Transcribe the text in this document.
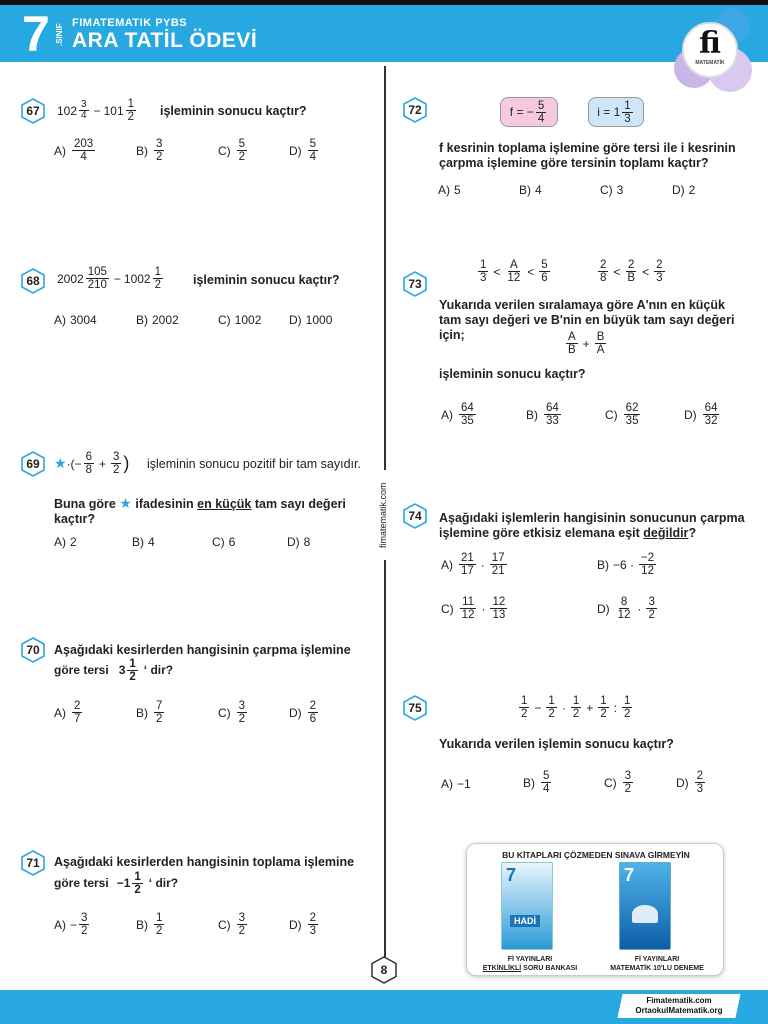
7 .SINIF
FIMATEMATIK PYBS
ARA TATİL ÖDEVİ	fi
MATEMATİK
fimatematik.com
67	$102 \frac{3}{4} - 101 \frac{1}{2}$ işleminin sonucu kaçtır?
$A) \frac{203}{4}$	$B) \frac{3}{2}$	$C) \frac{5}{2}$	$D) \frac{5}{4}$
68	$2002 \frac{105}{210} - 1002 \frac{1}{2}$ işleminin sonucu kaçtır?
A) 3004	B) 2002	C) 1002 D) 1000
69	★ ·(− $\frac{6}{8} + \frac{3}{2}$ ) işleminin sonucu pozitif bir tam sayıdır.
Buna göre ★ ifadesinin en küçük tam sayı değeri
kaçtır?
A) 2	B) 4	C) 6	D) 8
70	Aşağıdaki kesirlerden hangisinin çarpma işlemine
göre tersi $3 \frac{1}{2}$ ‘ dir?
$A) \frac{2}{7}$	$B) \frac{7}{2}$	$C) \frac{3}{2}$	$D) \frac{2}{6}$
71	Aşağıdaki kesirlerden hangisinin toplama işlemine
göre tersi $-1 \frac{1}{2}$ ‘ dir?
$A) - \frac{3}{2}$	$B) \frac{1}{2}$	$C) \frac{3}{2}$	$D) \frac{2}{3}$
72	f = − $\frac{5}{4}$	$i = 1 \frac{1}{3}$
f kesrinin toplama işlemine göre tersi ile i kesrinin
çarpma işlemine göre tersinin toplamı kaçtır?
A) 5	B) 4	C) 3	D) 2
73	$\frac{1}{3} < \frac{A}{12} < \frac{5}{6}$	$\frac{2}{8} < \frac{2}{B} < \frac{2}{3}$
Yukarıda verilen sıralamaya göre A'nın en küçük
tam sayı değeri ve B'nin en büyük tam sayı değeri
için;	$\frac{A}{B} + \frac{B}{A}$
işleminin sonucu kaçtır?
$A) \frac{64}{35}$	$B) \frac{64}{33}$	$C) \frac{62}{35}$	$D) \frac{64}{32}$
74	Aşağıdaki işlemlerin hangisinin sonucunun çarpma
işlemine göre etkisiz elemana eşit değildir?
$A) \frac{21}{17} \cdot \frac{17}{21}$	$B) -6 \cdot \frac{-2}{12}$
$C) \frac{11}{12} \cdot \frac{12}{13}$	$D) \frac{8}{12} \cdot \frac{3}{2}$
75	$\frac{1}{2} - \frac{1}{2} \cdot \frac{1}{2} + \frac{1}{2}$ : $\frac{1}{2}$
Yukarıda verilen işlemin sonucu kaçtır?
A) −1	$B) \frac{5}{4}$	$C) \frac{3}{2}$	$D) \frac{2}{3}$
BU KİTAPLARI ÇÖZMEDEN SINAVA GİRMEYİN
7
HADİ
7
Fİ YAYINLARI
ETKİNLİKLİ SORU BANKASI
Fİ YAYINLARI
MATEMATİK 10'LU DENEME
8
Fimatematik.com
OrtaokulMatematik.org
